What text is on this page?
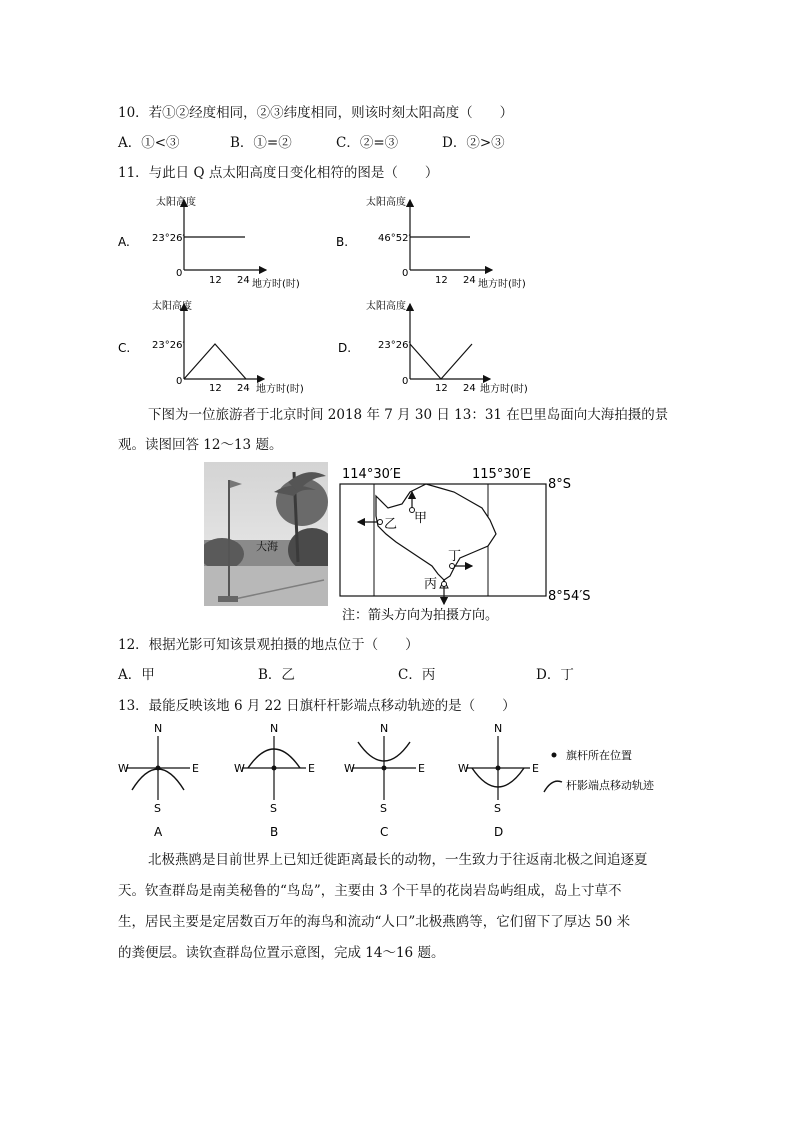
10．若①②经度相同，②③纬度相同，则该时刻太阳高度（　　）
A．①<③	B．①=②	C．②=③	D．②>③
11．与此日 Q 点太阳高度日变化相符的图是（　　）
A.
太阳高度
23°26′
0
12 24 地方时(时)
B.
太阳高度
46°52′
0
12 24 地方时(时)
C.
太阳高度
23°26′
0
12 24 地方时(时)
D.
太阳高度
23°26′
0
12 24 地方时(时)
下图为一位旅游者于北京时间 2018 年 7 月 30 日 13：31 在巴里岛面向大海拍摄的景
观。读图回答 12～13 题。
大海
114°30′E	115°30′E
8°S
8°54′S
甲
乙
丁
丙
注：箭头方向为拍摄方向。
12．根据光影可知该景观拍摄的地点位于（　　）
A．甲	B．乙	C．丙	D．丁
13．最能反映该地 6 月 22 日旗杆杆影端点移动轨迹的是（　　）
N
S
W	E
A
N
S
W	E
B
N
S
W	E
C
N
S
W	E
D
旗杆所在位置
杆影端点移动轨迹
北极燕鸥是目前世界上已知迁徙距离最长的动物，一生致力于往返南北极之间追逐夏
天。钦查群岛是南美秘鲁的“鸟岛”，主要由 3 个干旱的花岗岩岛屿组成，岛上寸草不
生，居民主要是定居数百万年的海鸟和流动“人口”北极燕鸥等，它们留下了厚达 50 米
的粪便层。读钦查群岛位置示意图，完成 14～16 题。
